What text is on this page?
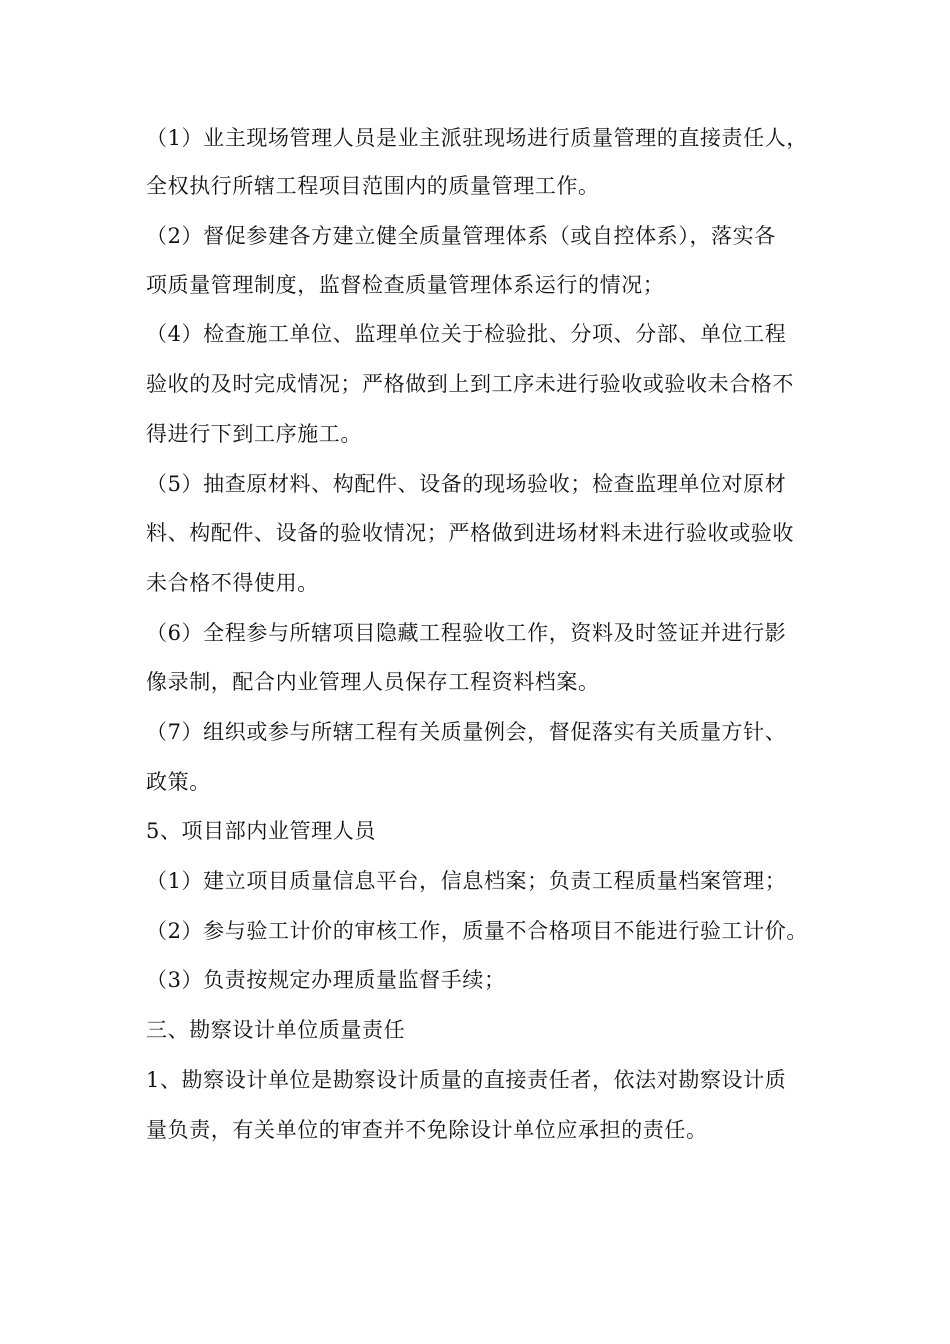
（1）业主现场管理人员是业主派驻现场进行质量管理的直接责任人，
全权执行所辖工程项目范围内的质量管理工作。
（2）督促参建各方建立健全质量管理体系（或自控体系），落实各
项质量管理制度，监督检查质量管理体系运行的情况；
（4）检查施工单位、监理单位关于检验批、分项、分部、单位工程
验收的及时完成情况；严格做到上到工序未进行验收或验收未合格不
得进行下到工序施工。
（5）抽查原材料、构配件、设备的现场验收；检查监理单位对原材
料、构配件、设备的验收情况；严格做到进场材料未进行验收或验收
未合格不得使用。
（6）全程参与所辖项目隐藏工程验收工作，资料及时签证并进行影
像录制，配合内业管理人员保存工程资料档案。
（7）组织或参与所辖工程有关质量例会，督促落实有关质量方针、
政策。
5、项目部内业管理人员
（1）建立项目质量信息平台，信息档案；负责工程质量档案管理；
（2）参与验工计价的审核工作，质量不合格项目不能进行验工计价。
（3）负责按规定办理质量监督手续；
三、勘察设计单位质量责任
1、勘察设计单位是勘察设计质量的直接责任者，依法对勘察设计质
量负责，有关单位的审查并不免除设计单位应承担的责任。
